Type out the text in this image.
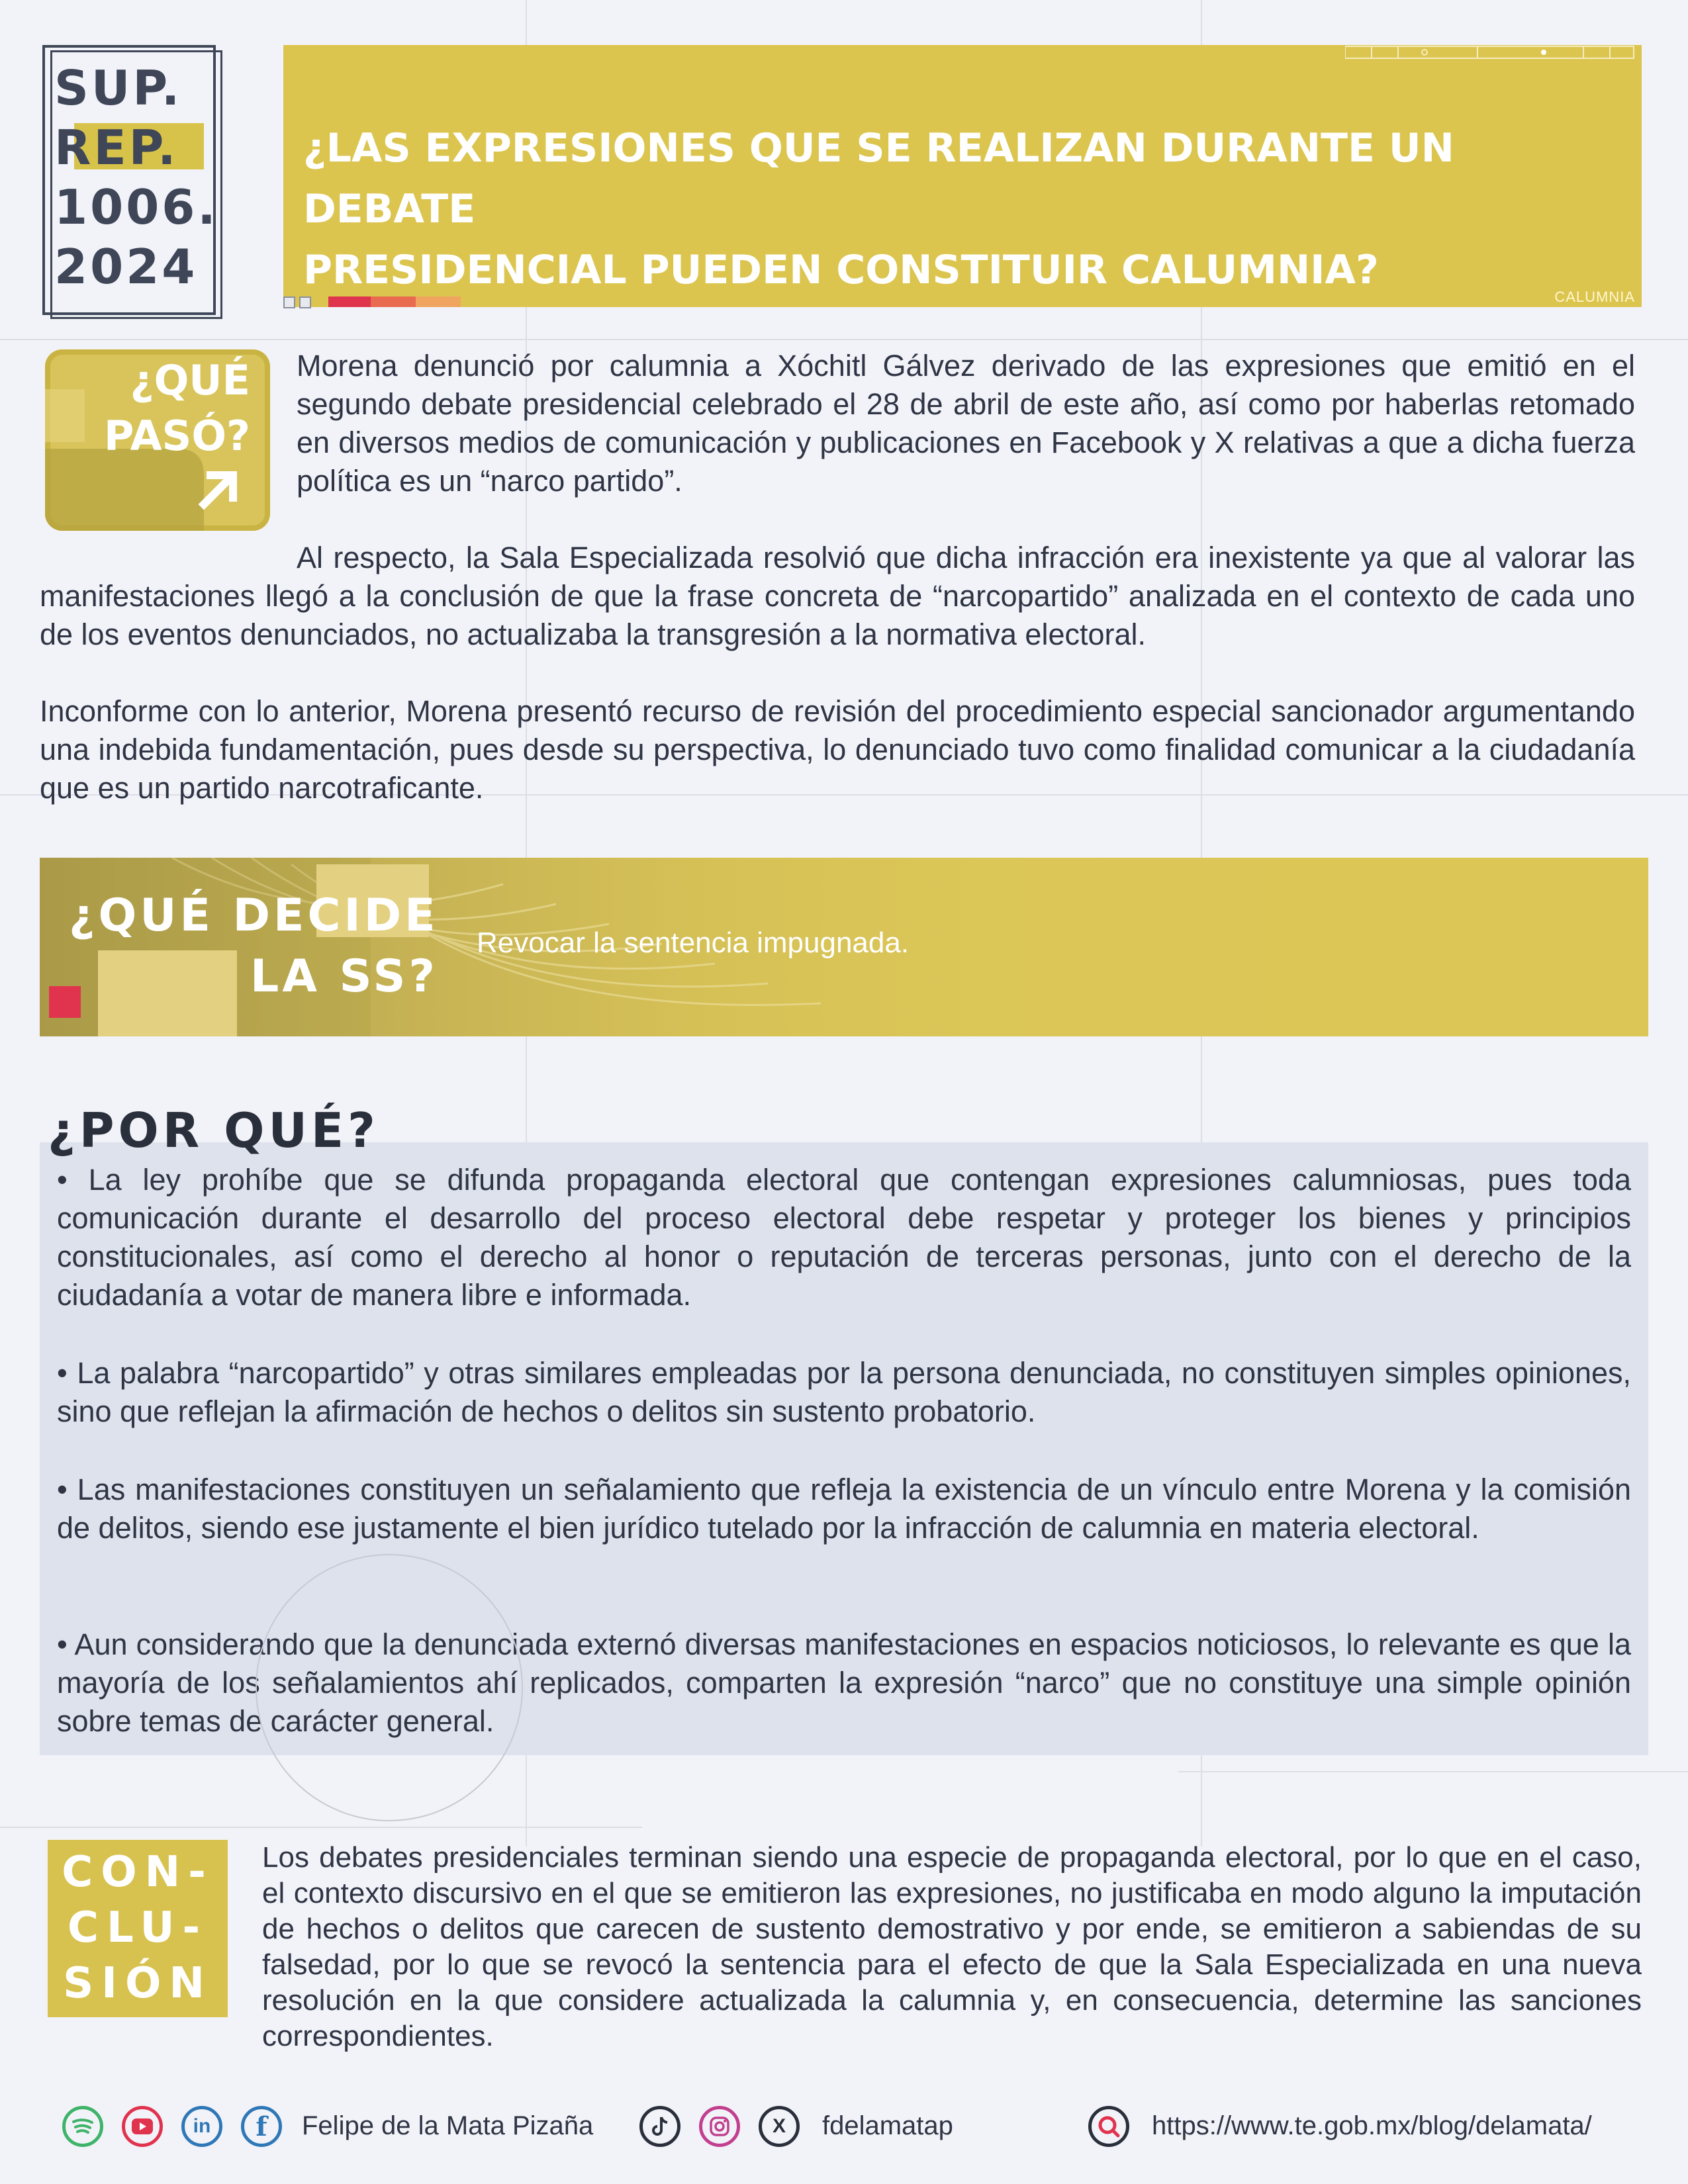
SUP.
REP.
1006.
2024
¿LAS EXPRESIONES QUE SE REALIZAN DURANTE UN DEBATE
PRESIDENCIAL PUEDEN CONSTITUIR CALUMNIA?
CALUMNIA
¿QUÉ
PASÓ?

Morena denunció por calumnia a Xóchitl Gálvez derivado de las expresiones que emitió en el segundo debate presidencial celebrado el 28 de abril de este año, así como por haberlas retomado en diversos medios de comunicación y publicaciones en Facebook y X relativas a que a dicha fuerza política es un “narco partido”.

Al respecto, la Sala Especializada resolvió que dicha infracción era inexistente ya que al valorar las manifestaciones llegó a la conclusión de que la frase concreta de “narcopartido” analizada en el contexto de cada uno de los eventos denunciados, no actualizaba la transgresión a la normativa electoral.

Inconforme con lo anterior, Morena presentó recurso de revisión del procedimiento especial sancionador argumentando una indebida fundamentación, pues desde su perspectiva, lo denunciado tuvo como finalidad comunicar a la ciudadanía que es un partido narcotraficante.

¿QUÉ DECIDE
LA SS?
Revocar la sentencia impugnada.
• La ley prohíbe que se difunda propaganda electoral que contengan expresiones calumniosas, pues toda comunicación durante el desarrollo del proceso electoral debe respetar y proteger los bienes y principios constitucionales, así como el derecho al honor o reputación de terceras personas, junto con el derecho de la ciudadanía a votar de manera libre e informada.
• La palabra “narcopartido” y otras similares empleadas por la persona denunciada, no constituyen simples opiniones, sino que reflejan la afirmación de hechos o delitos sin sustento probatorio.
• Las manifestaciones constituyen un señalamiento que refleja la existencia de un vínculo entre Morena y la comisión de delitos, siendo ese justamente el bien jurídico tutelado por la infracción de calumnia en materia electoral.
• Aun considerando que la denunciada externó diversas manifestaciones en espacios noticiosos, lo relevante es que la mayoría de los señalamientos ahí replicados, comparten la expresión “narco” que no constituye una simple opinión sobre temas de carácter general.
¿POR QUÉ?
CON-
CLU-
SIÓN

Los debates presidenciales terminan siendo una especie de propaganda electoral, por lo que en el caso, el contexto discursivo en el que se emitieron las expresiones, no justificaba en modo alguno la imputación de hechos o delitos que carecen de sustento demostrativo y por ende, se emitieron a sabiendas de su falsedad, por lo que se revocó la sentencia para el efecto de que la Sala Especializada en una nueva resolución en la que considere actualizada la calumnia y, en consecuencia, determine las sanciones correspondientes.

in	f	Felipe de la Mata Pizaña	X	fdelamatap	https://www.te.gob.mx/blog/delamata/
